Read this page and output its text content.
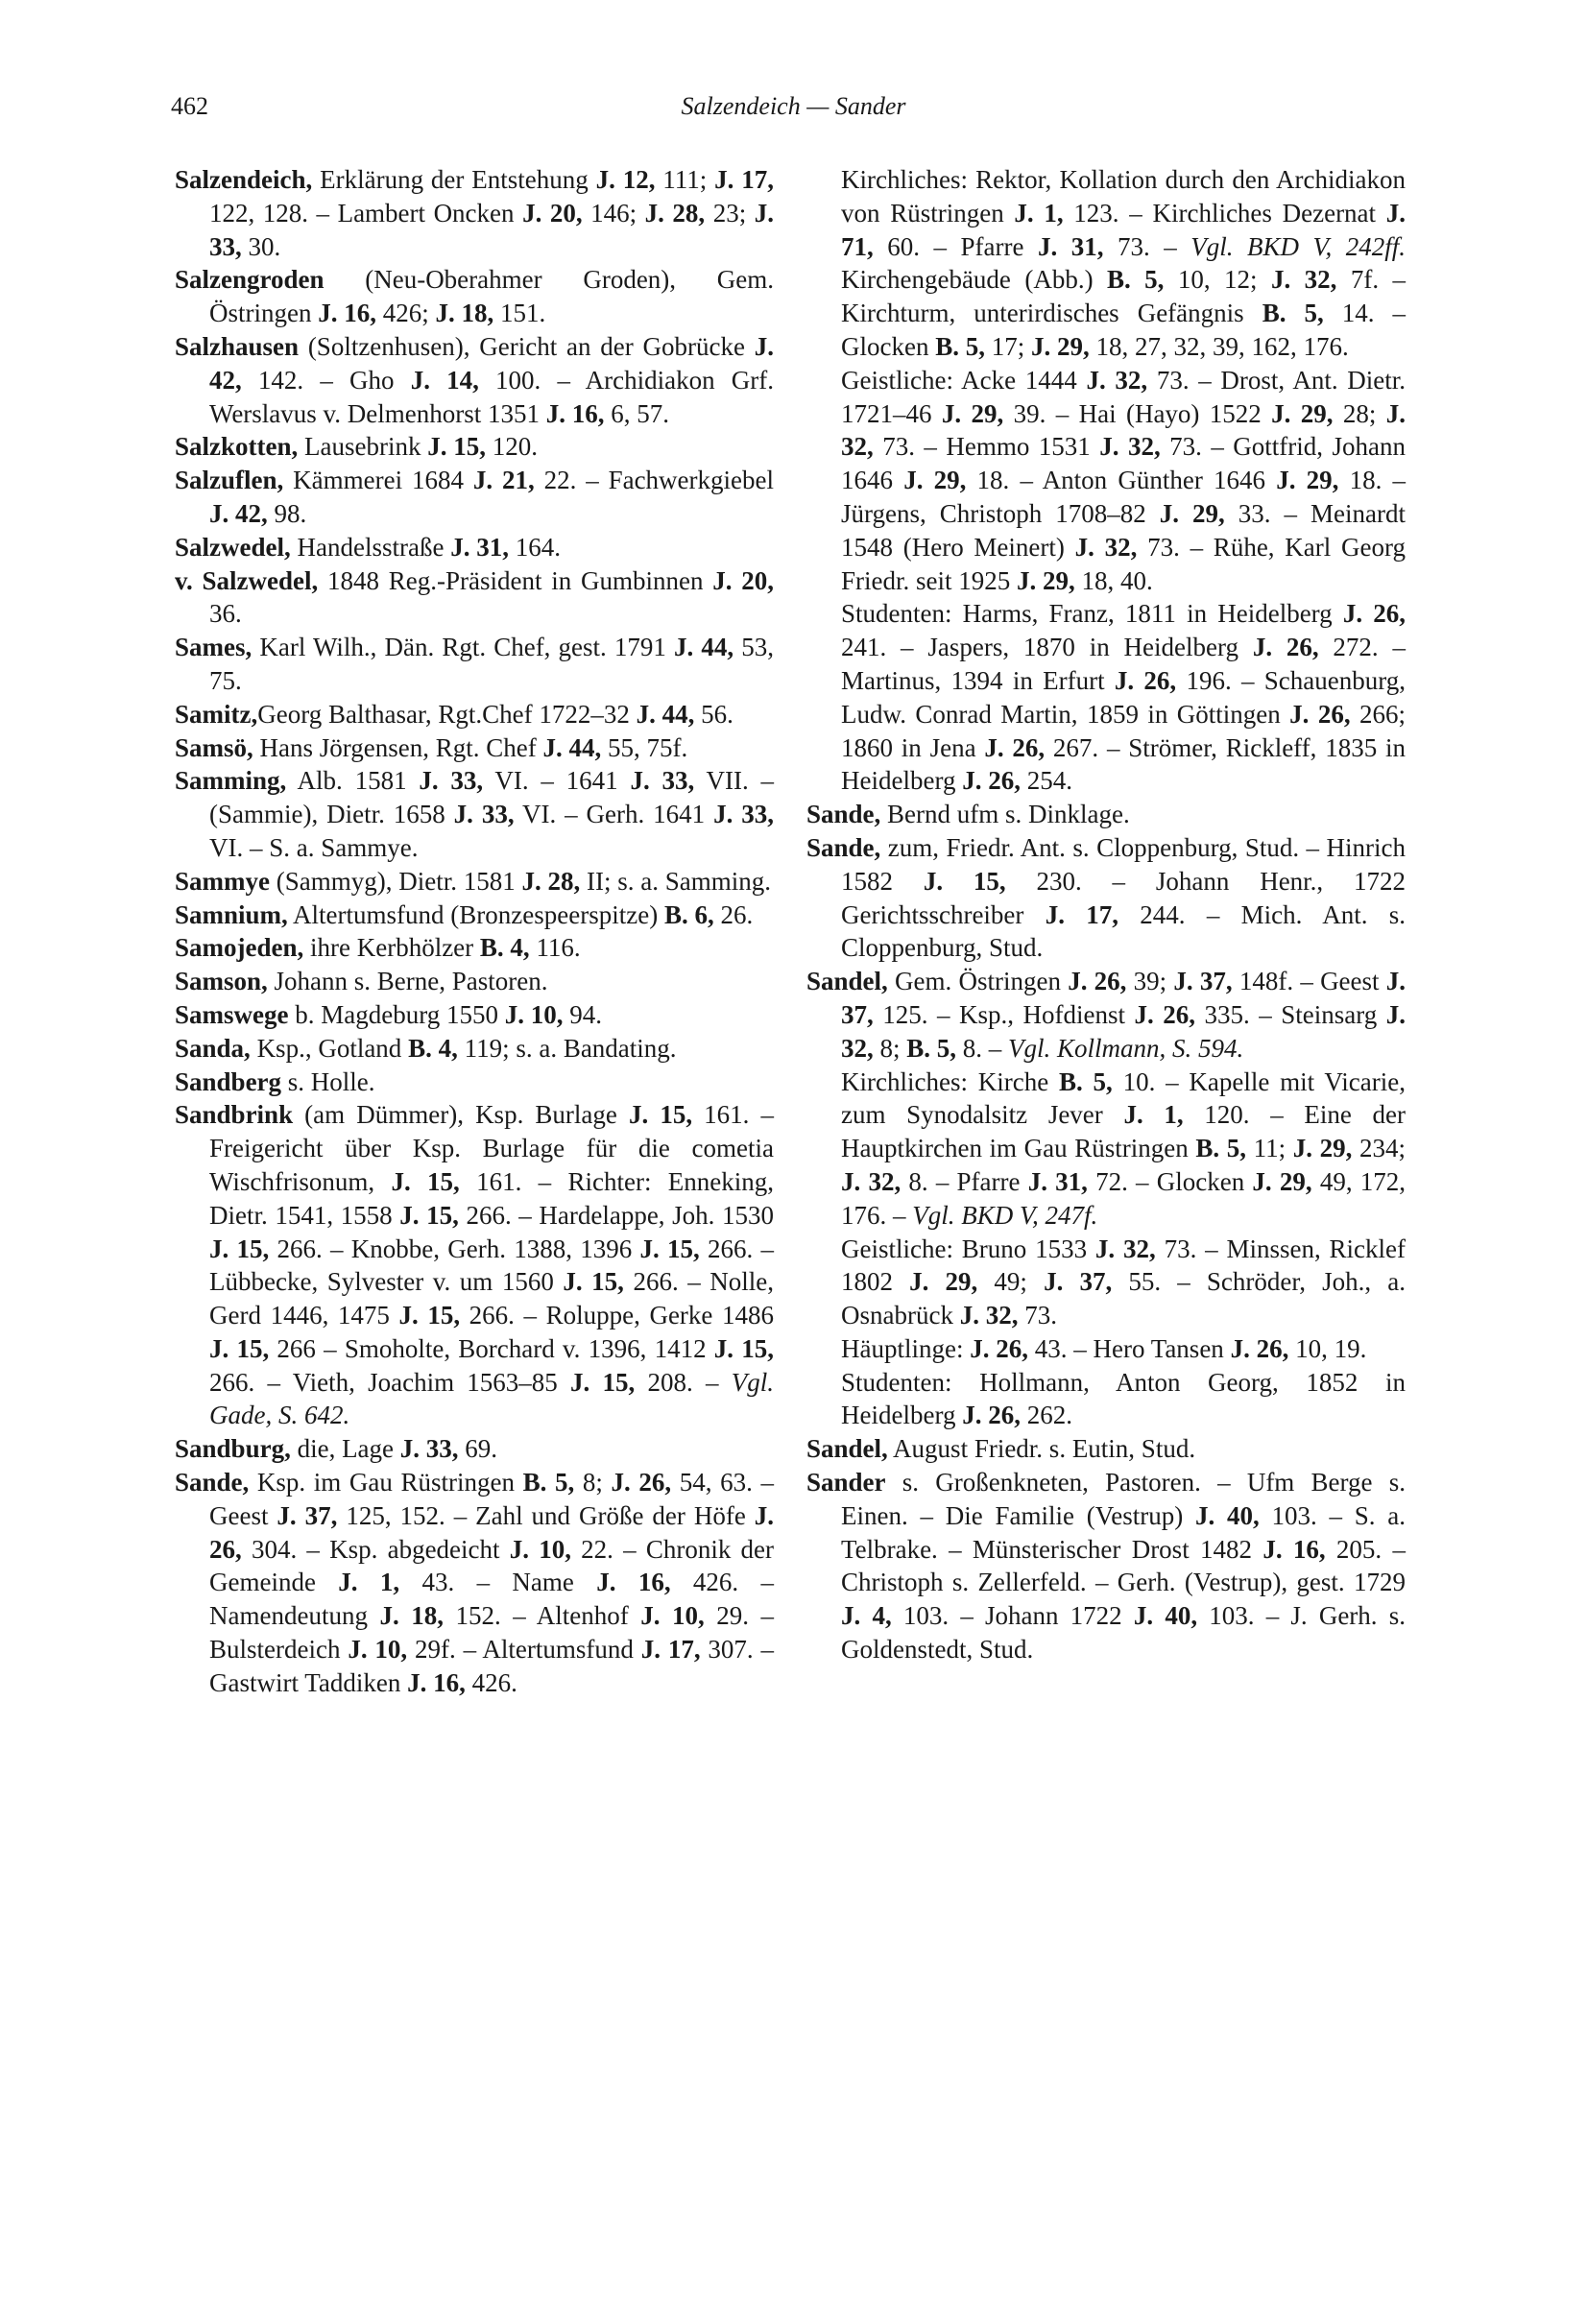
462	Salzendeich — Sander

Salzendeich, Erklärung der Entstehung J. 12, 111; J. 17, 122, 128. – Lambert Oncken J. 20, 146; J. 28, 23; J. 33, 30.

Salzengroden (Neu-Oberahmer Groden), Gem. Östringen J. 16, 426; J. 18, 151.

Salzhausen (Soltzenhusen), Gericht an der Gobrücke J. 42, 142. – Gho J. 14, 100. – Archidiakon Grf. Werslavus v. Delmenhorst 1351 J. 16, 6, 57.

Salzkotten, Lausebrink J. 15, 120.

Salzuflen, Kämmerei 1684 J. 21, 22. – Fachwerkgiebel J. 42, 98.

Salzwedel, Handelsstraße J. 31, 164.

v. Salzwedel, 1848 Reg.-Präsident in Gumbinnen J. 20, 36.

Sames, Karl Wilh., Dän. Rgt. Chef, gest. 1791 J. 44, 53, 75.

Samitz,Georg Balthasar, Rgt.Chef 1722–32 J. 44, 56.

Samsö, Hans Jörgensen, Rgt. Chef J. 44, 55, 75f.

Samming, Alb. 1581 J. 33, VI. – 1641 J. 33, VII. – (Sammie), Dietr. 1658 J. 33, VI. – Gerh. 1641 J. 33, VI. – S. a. Sammye.

Sammye (Sammyg), Dietr. 1581 J. 28, II; s. a. Samming.

Samnium, Altertumsfund (Bronzespeerspitze) B. 6, 26.

Samojeden, ihre Kerbhölzer B. 4, 116.

Samson, Johann s. Berne, Pastoren.

Samswege b. Magdeburg 1550 J. 10, 94.

Sanda, Ksp., Gotland B. 4, 119; s. a. Bandating.

Sandberg s. Holle.

Sandbrink (am Dümmer), Ksp. Burlage J. 15, 161. – Freigericht über Ksp. Burlage für die cometia Wischfrisonum, J. 15, 161. – Richter: Enneking, Dietr. 1541, 1558 J. 15, 266. – Hardelappe, Joh. 1530 J. 15, 266. – Knobbe, Gerh. 1388, 1396 J. 15, 266. – Lübbecke, Sylvester v. um 1560 J. 15, 266. – Nolle, Gerd 1446, 1475 J. 15, 266. – Roluppe, Gerke 1486 J. 15, 266 – Smoholte, Borchard v. 1396, 1412 J. 15, 266. – Vieth, Joachim 1563–85 J. 15, 208. – Vgl. Gade, S. 642.

Sandburg, die, Lage J. 33, 69.

Sande, Ksp. im Gau Rüstringen B. 5, 8; J. 26, 54, 63. – Geest J. 37, 125, 152. – Zahl und Größe der Höfe J. 26, 304. – Ksp. abgedeicht J. 10, 22. – Chronik der Gemeinde J. 1, 43. – Name J. 16, 426. – Namendeutung J. 18, 152. – Altenhof J. 10, 29. – Bulsterdeich J. 10, 29f. – Altertumsfund J. 17, 307. – Gastwirt Taddiken J. 16, 426.

Kirchliches: Rektor, Kollation durch den Archidiakon von Rüstringen J. 1, 123. – Kirchliches Dezernat J. 71, 60. – Pfarre J. 31, 73. – Vgl. BKD V, 242ff. Kirchengebäude (Abb.) B. 5, 10, 12; J. 32, 7f. – Kirchturm, unterirdisches Gefängnis B. 5, 14. – Glocken B. 5, 17; J. 29, 18, 27, 32, 39, 162, 176.

Geistliche: Acke 1444 J. 32, 73. – Drost, Ant. Dietr. 1721–46 J. 29, 39. – Hai (Hayo) 1522 J. 29, 28; J. 32, 73. – Hemmo 1531 J. 32, 73. – Gottfrid, Johann 1646 J. 29, 18. – Anton Günther 1646 J. 29, 18. – Jürgens, Christoph 1708–82 J. 29, 33. – Meinardt 1548 (Hero Meinert) J. 32, 73. – Rühe, Karl Georg Friedr. seit 1925 J. 29, 18, 40.

Studenten: Harms, Franz, 1811 in Heidelberg J. 26, 241. – Jaspers, 1870 in Heidelberg J. 26, 272. – Martinus, 1394 in Erfurt J. 26, 196. – Schauenburg, Ludw. Conrad Martin, 1859 in Göttingen J. 26, 266; 1860 in Jena J. 26, 267. – Strömer, Rickleff, 1835 in Heidelberg J. 26, 254.

Sande, Bernd ufm s. Dinklage.

Sande, zum, Friedr. Ant. s. Cloppenburg, Stud. – Hinrich 1582 J. 15, 230. – Johann Henr., 1722 Gerichtsschreiber J. 17, 244. – Mich. Ant. s. Cloppenburg, Stud.

Sandel, Gem. Östringen J. 26, 39; J. 37, 148f. – Geest J. 37, 125. – Ksp., Hofdienst J. 26, 335. – Steinsarg J. 32, 8; B. 5, 8. – Vgl. Kollmann, S. 594.

Kirchliches: Kirche B. 5, 10. – Kapelle mit Vicarie, zum Synodalsitz Jever J. 1, 120. – Eine der Hauptkirchen im Gau Rüstringen B. 5, 11; J. 29, 234; J. 32, 8. – Pfarre J. 31, 72. – Glocken J. 29, 49, 172, 176. – Vgl. BKD V, 247f.

Geistliche: Bruno 1533 J. 32, 73. – Minssen, Ricklef 1802 J. 29, 49; J. 37, 55. – Schröder, Joh., a. Osnabrück J. 32, 73.

Häuptlinge: J. 26, 43. – Hero Tansen J. 26, 10, 19.

Studenten: Hollmann, Anton Georg, 1852 in Heidelberg J. 26, 262.

Sandel, August Friedr. s. Eutin, Stud.

Sander s. Großenkneten, Pastoren. – Ufm Berge s. Einen. – Die Familie (Vestrup) J. 40, 103. – S. a. Telbrake. – Münsterischer Drost 1482 J. 16, 205. – Christoph s. Zellerfeld. – Gerh. (Vestrup), gest. 1729 J. 4, 103. – Johann 1722 J. 40, 103. – J. Gerh. s. Goldenstedt, Stud.
